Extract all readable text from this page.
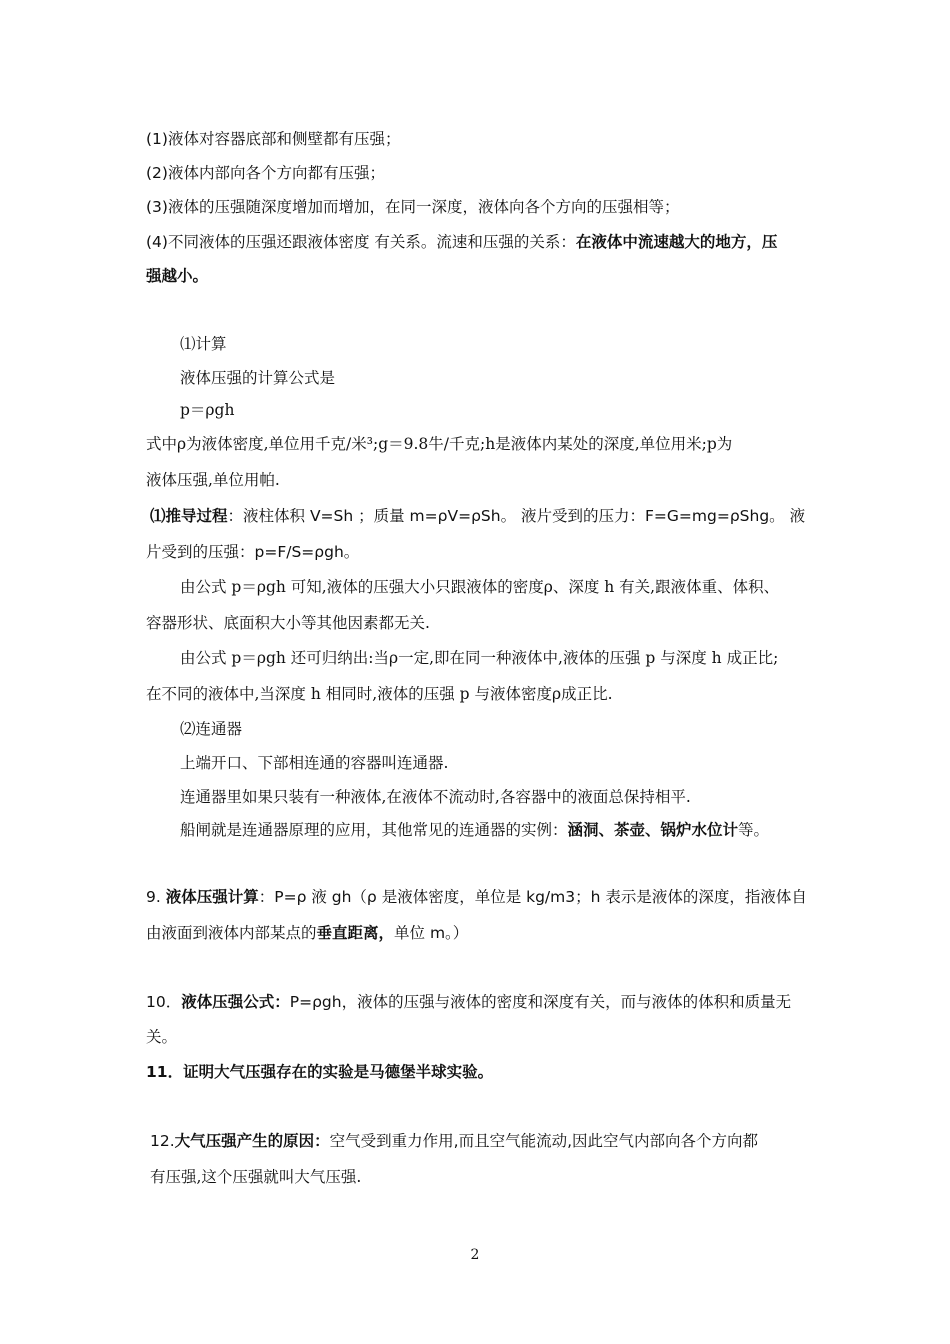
(1)液体对容器底部和侧壁都有压强；
(2)液体内部向各个方向都有压强；
(3)液体的压强随深度增加而增加，在同一深度，液体向各个方向的压强相等；
(4)不同液体的压强还跟液体密度 有关系。流速和压强的关系：在液体中流速越大的地方，压
强越小。
⑴计算
液体压强的计算公式是
p＝ρgh
式中ρ为液体密度,单位用千克/米³;g＝9.8牛/千克;h是液体内某处的深度,单位用米;p为
液体压强,单位用帕.
⑴推导过程：液柱体积 V=Sh ；质量 m=ρV=ρSh。 液片受到的压力：F=G=mg=ρShg。 液
片受到的压强：p=F/S=ρgh。
由公式 p＝ρgh 可知,液体的压强大小只跟液体的密度ρ、深度 h 有关,跟液体重、体积、
容器形状、底面积大小等其他因素都无关.
由公式 p＝ρgh 还可归纳出:当ρ一定,即在同一种液体中,液体的压强 p 与深度 h 成正比;
在不同的液体中,当深度 h 相同时,液体的压强 p 与液体密度ρ成正比.
⑵连通器
上端开口、下部相连通的容器叫连通器.
连通器里如果只装有一种液体,在液体不流动时,各容器中的液面总保持相平.
船闸就是连通器原理的应用，其他常见的连通器的实例：涵洞、茶壶、锅炉水位计等。
9. 液体压强计算：P=ρ 液 gh（ρ 是液体密度，单位是 kg/m3；h 表示是液体的深度，指液体自
由液面到液体内部某点的垂直距离，单位 m。）
10．液体压强公式：P=ρgh，液体的压强与液体的密度和深度有关，而与液体的体积和质量无
关。
11．证明大气压强存在的实验是马德堡半球实验。
12.大气压强产生的原因：空气受到重力作用,而且空气能流动,因此空气内部向各个方向都
有压强,这个压强就叫大气压强.
2
